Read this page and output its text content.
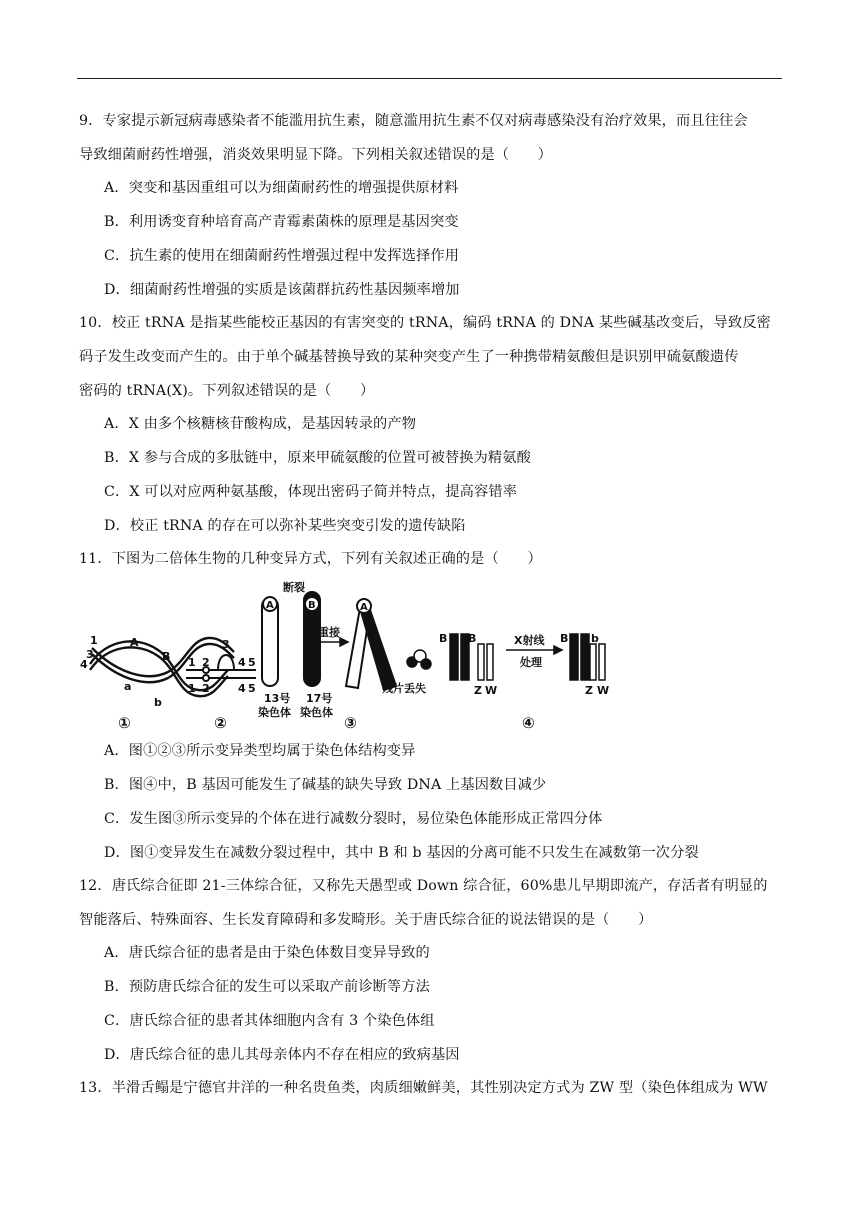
9．专家提示新冠病毒感染者不能滥用抗生素，随意滥用抗生素不仅对病毒感染没有治疗效果，而且往往会
导致细菌耐药性增强，消炎效果明显下降。下列相关叙述错误的是（　　）
A．突变和基因重组可以为细菌耐药性的增强提供原材料
B．利用诱变育种培育高产青霉素菌株的原理是基因突变
C．抗生素的使用在细菌耐药性增强过程中发挥选择作用
D．细菌耐药性增强的实质是该菌群抗药性基因频率增加
10．校正 tRNA 是指某些能校正基因的有害突变的 tRNA，编码 tRNA 的 DNA 某些碱基改变后，导致反密
码子发生改变而产生的。由于单个碱基替换导致的某种突变产生了一种携带精氨酸但是识别甲硫氨酸遗传
密码的 tRNA(X)。下列叙述错误的是（　　）
A．X 由多个核糖核苷酸构成，是基因转录的产物
B．X 参与合成的多肽链中，原来甲硫氨酸的位置可被替换为精氨酸
C．X 可以对应两种氨基酸，体现出密码子简并特点，提高容错率
D．校正 tRNA 的存在可以弥补某些突变引发的遗传缺陷
11．下图为二倍体生物的几种变异方式，下列有关叙述正确的是（　　）
1	A
3
4
B
a
b
①
1 2
3
4 5
1 2	4 5
②
断裂
A	B
13号 17号
染色体 染色体
重接
A
残片丢失
③
B B
Z W
X射线
处理
B b
Z W
④
A．图①②③所示变异类型均属于染色体结构变异
B．图④中，B 基因可能发生了碱基的缺失导致 DNA 上基因数目减少
C．发生图③所示变异的个体在进行减数分裂时，易位染色体能形成正常四分体
D．图①变异发生在减数分裂过程中，其中 B 和 b 基因的分离可能不只发生在减数第一次分裂
12．唐氏综合征即 21-三体综合征，又称先天愚型或 Down 综合征，60%患儿早期即流产，存活者有明显的
智能落后、特殊面容、生长发育障碍和多发畸形。关于唐氏综合征的说法错误的是（　　）
A．唐氏综合征的患者是由于染色体数目变异导致的
B．预防唐氏综合征的发生可以采取产前诊断等方法
C．唐氏综合征的患者其体细胞内含有 3 个染色体组
D．唐氏综合征的患儿其母亲体内不存在相应的致病基因
13．半滑舌鳎是宁德官井洋的一种名贵鱼类，肉质细嫩鲜美，其性别决定方式为 ZW 型（染色体组成为 WW
